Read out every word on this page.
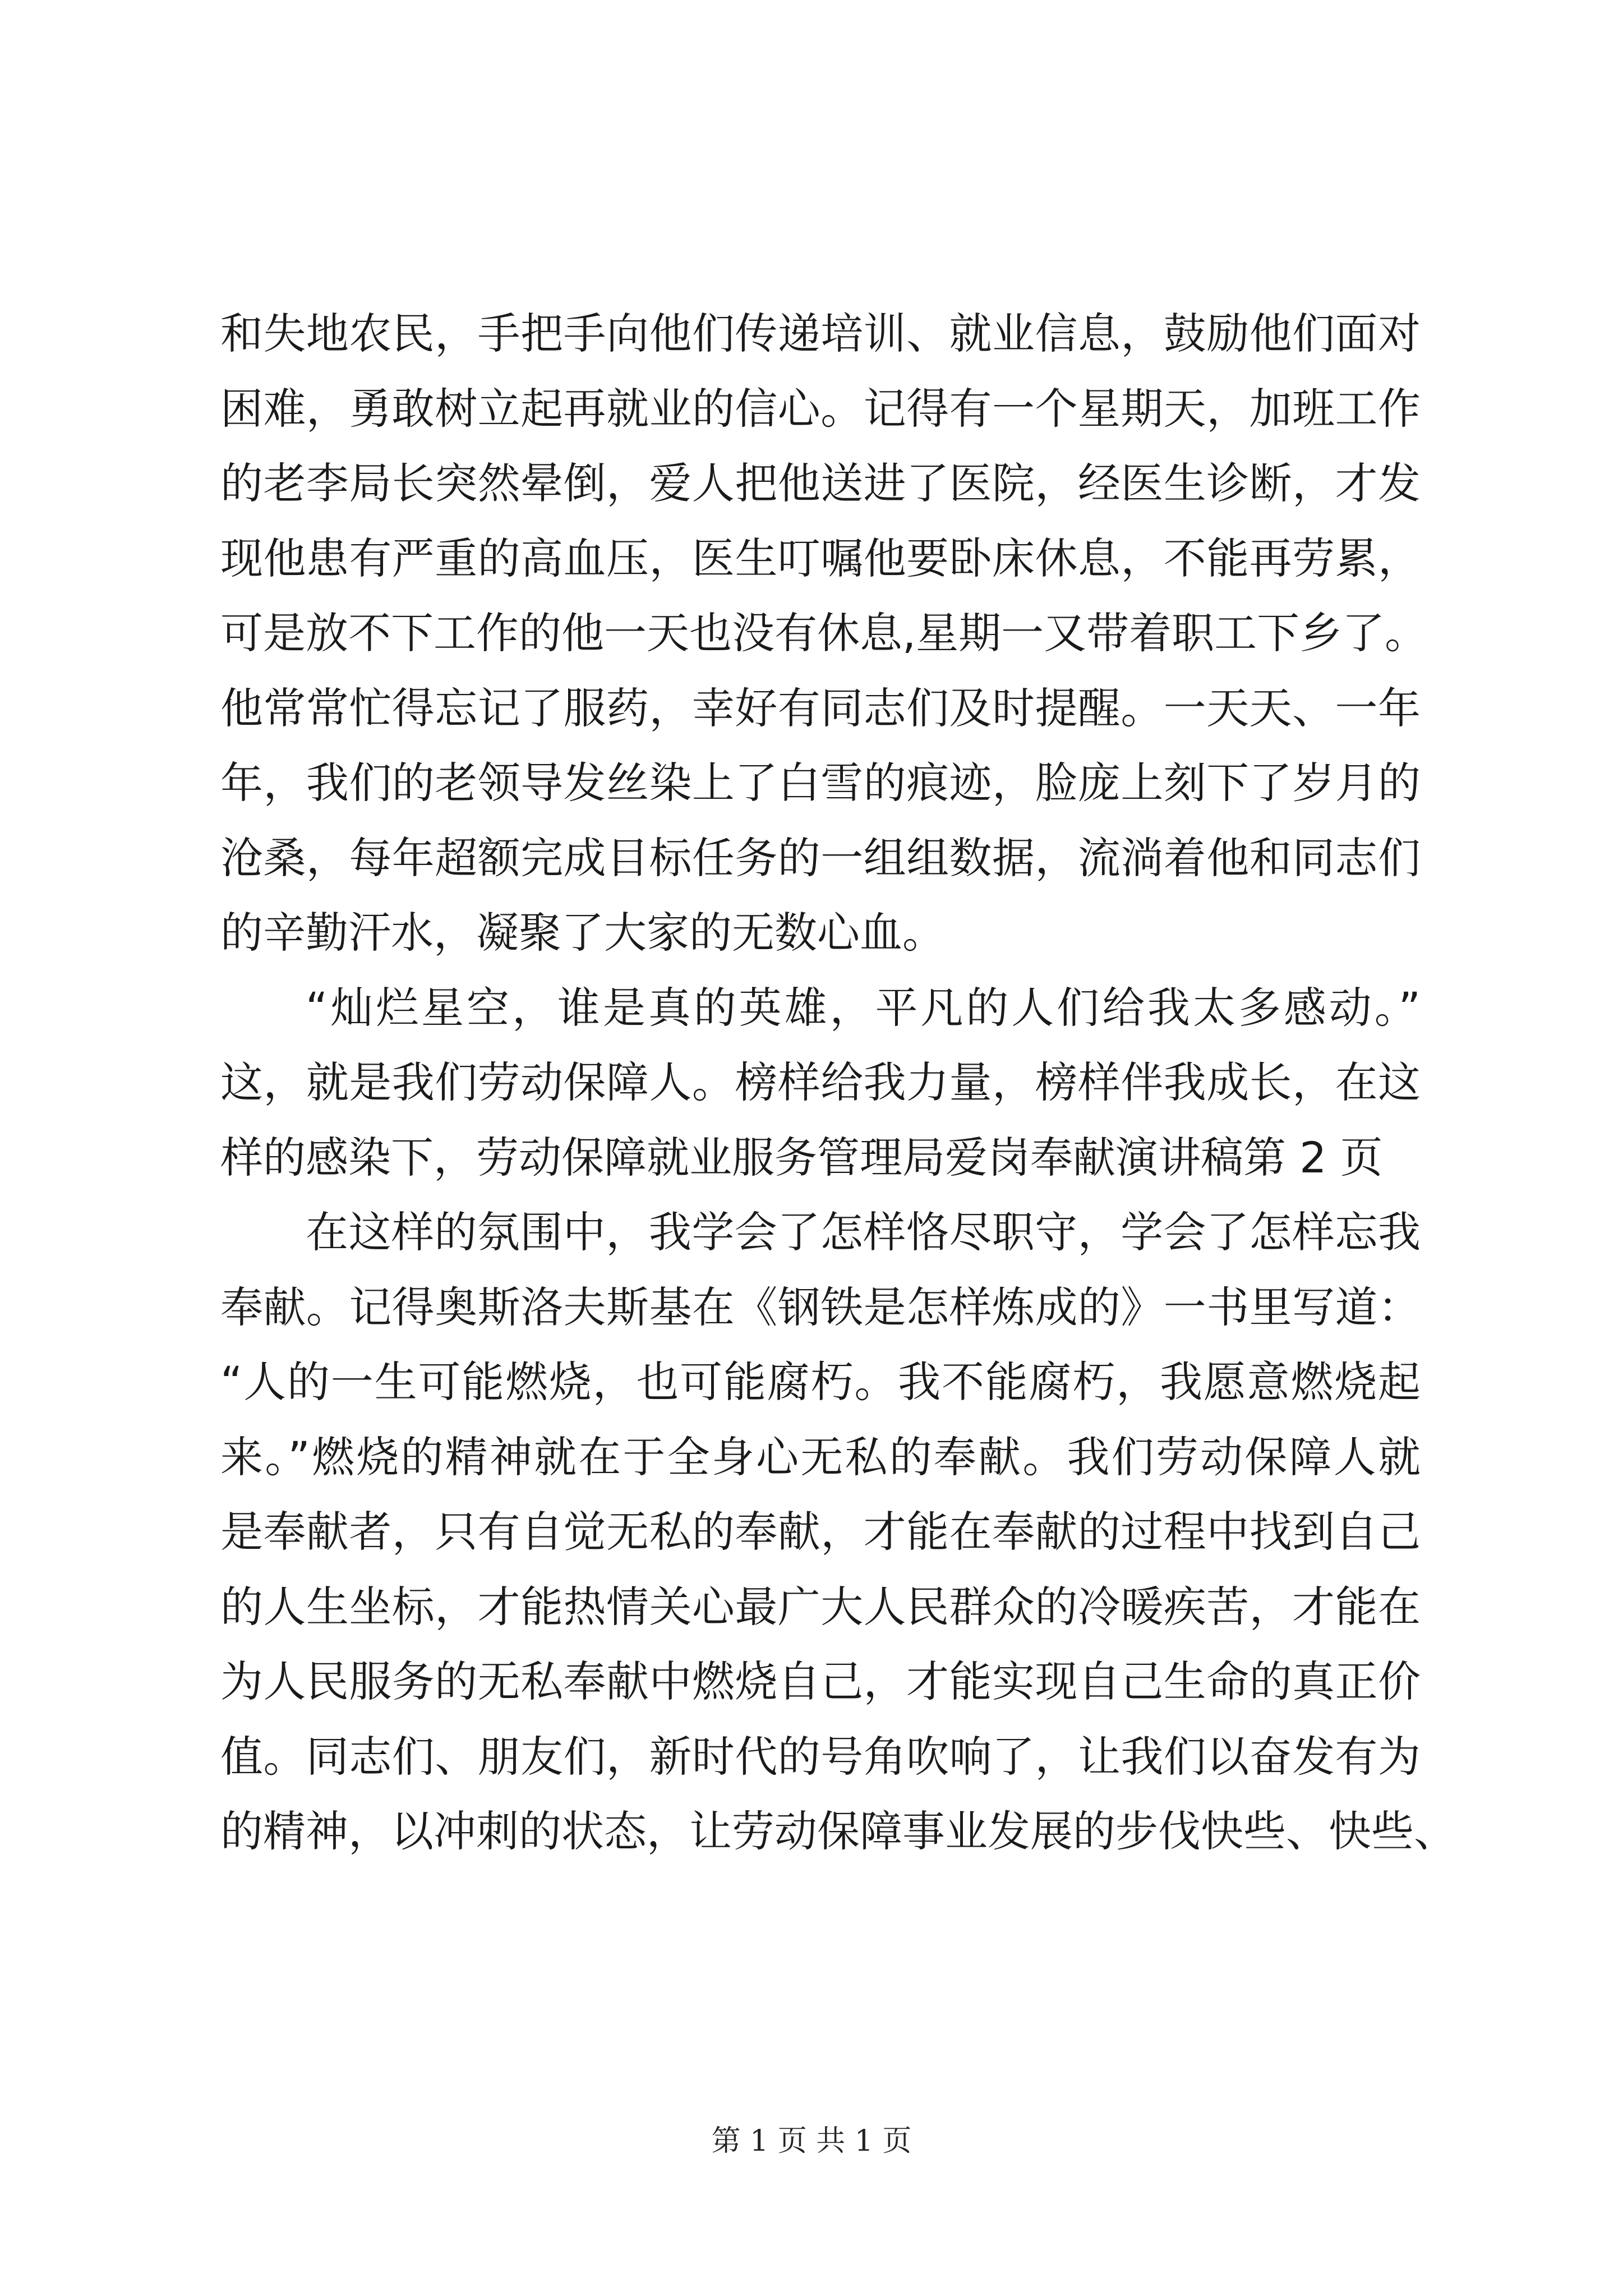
和失地农民，手把手向他们传递培训、就业信息，鼓励他们面对
困难，勇敢树立起再就业的信心。记得有一个星期天，加班工作
的老李局长突然晕倒，爱人把他送进了医院，经医生诊断，才发
现他患有严重的高血压，医生叮嘱他要卧床休息，不能再劳累，
可是放不下工作的他一天也没有休息,星期一又带着职工下乡了。
他常常忙得忘记了服药，幸好有同志们及时提醒。一天天、一年
年，我们的老领导发丝染上了白雪的痕迹，脸庞上刻下了岁月的
沧桑，每年超额完成目标任务的一组组数据，流淌着他和同志们
的辛勤汗水，凝聚了大家的无数心血。
“灿烂星空，谁是真的英雄，平凡的人们给我太多感动。”
这，就是我们劳动保障人。榜样给我力量，榜样伴我成长，在这
样的感染下，劳动保障就业服务管理局爱岗奉献演讲稿第 2 页
在这样的氛围中，我学会了怎样恪尽职守，学会了怎样忘我
奉献。记得奥斯洛夫斯基在《钢铁是怎样炼成的》一书里写道：
“人的一生可能燃烧，也可能腐朽。我不能腐朽，我愿意燃烧起
来。”燃烧的精神就在于全身心无私的奉献。我们劳动保障人就
是奉献者，只有自觉无私的奉献，才能在奉献的过程中找到自己
的人生坐标，才能热情关心最广大人民群众的冷暖疾苦，才能在
为人民服务的无私奉献中燃烧自己，才能实现自己生命的真正价
值。同志们、朋友们，新时代的号角吹响了，让我们以奋发有为
的精神，以冲刺的状态，让劳动保障事业发展的步伐快些、快些、
第 1 页 共 1 页
